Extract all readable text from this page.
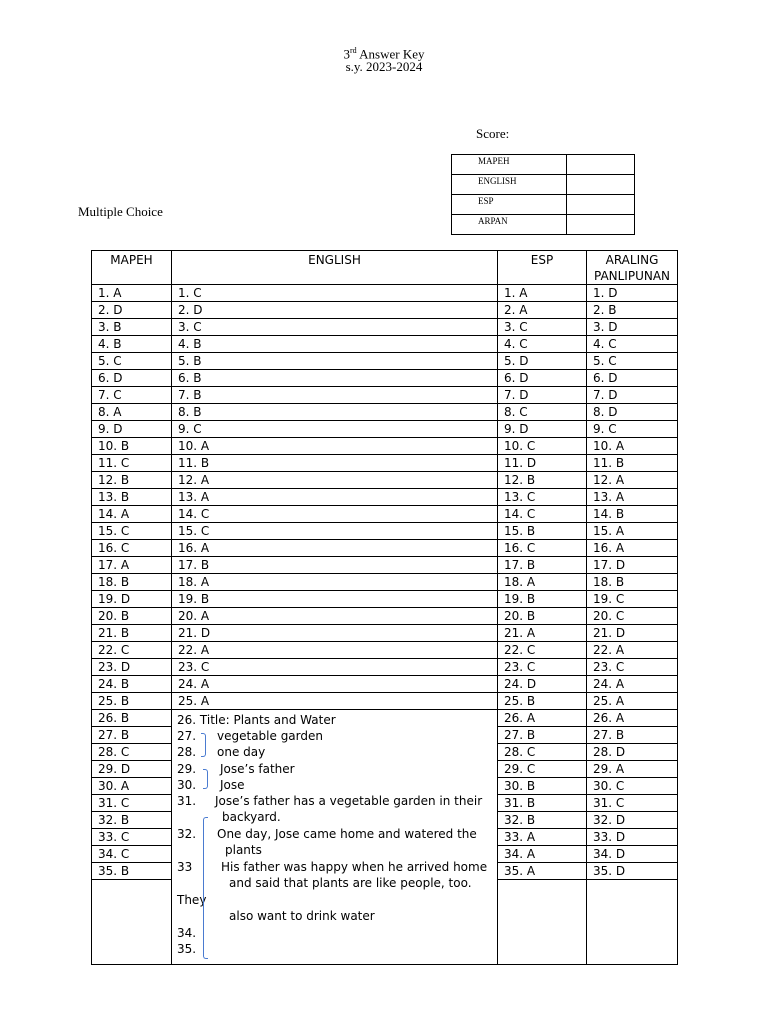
3rd Answer Key
s.y. 2023-2024
Score:
MAPEH	
ENGLISH	
ESP	
ARPAN	
Multiple Choice
MAPEH	ENGLISH	ESP	ARALING PANLIPUNAN
1. A	1. C	1. A	1. D
2. D	2. D	2. A	2. B
3. B	3. C	3. C	3. D
4. B	4. B	4. C	4. C
5. C	5. B	5. D	5. C
6. D	6. B	6. D	6. D
7. C	7. B	7. D	7. D
8. A	8. B	8. C	8. D
9. D	9. C	9. D	9. C
10. B	10. A	10. C	10. A
11. C	11. B	11. D	11. B
12. B	12. A	12. B	12. A
13. B	13. A	13. C	13. A
14. A	14. C	14. C	14. B
15. C	15. C	15. B	15. A
16. C	16. A	16. C	16. A
17. A	17. B	17. B	17. D
18. B	18. A	18. A	18. B
19. D	19. B	19. B	19. C
20. B	20. A	20. B	20. C
21. B	21. D	21. A	21. D
22. C	22. A	22. C	22. A
23. D	23. C	23. C	23. C
24. B	24. A	24. D	24. A
25. B	25. A	25. B	25. A
26. B		26. A	26. A
27. B		27. B	27. B
28. C		28. C	28. D
29. D		29. C	29. A
30. A		30. B	30. C
31. C		31. B	31. C
32. B		32. B	32. D
33. C		33. A	33. D
34. C		34. A	34. D
35. B		35. A	35. D

26. Title: Plants and Water
27. vegetable garden
28. one day
29. Jose’s father
30. Jose
31. Jose’s father has a vegetable garden in their
backyard.
32. One day, Jose came home and watered the
plants
33 His father was happy when he arrived home
and said that plants are like people, too.
They
also want to drink water
34.
35.
